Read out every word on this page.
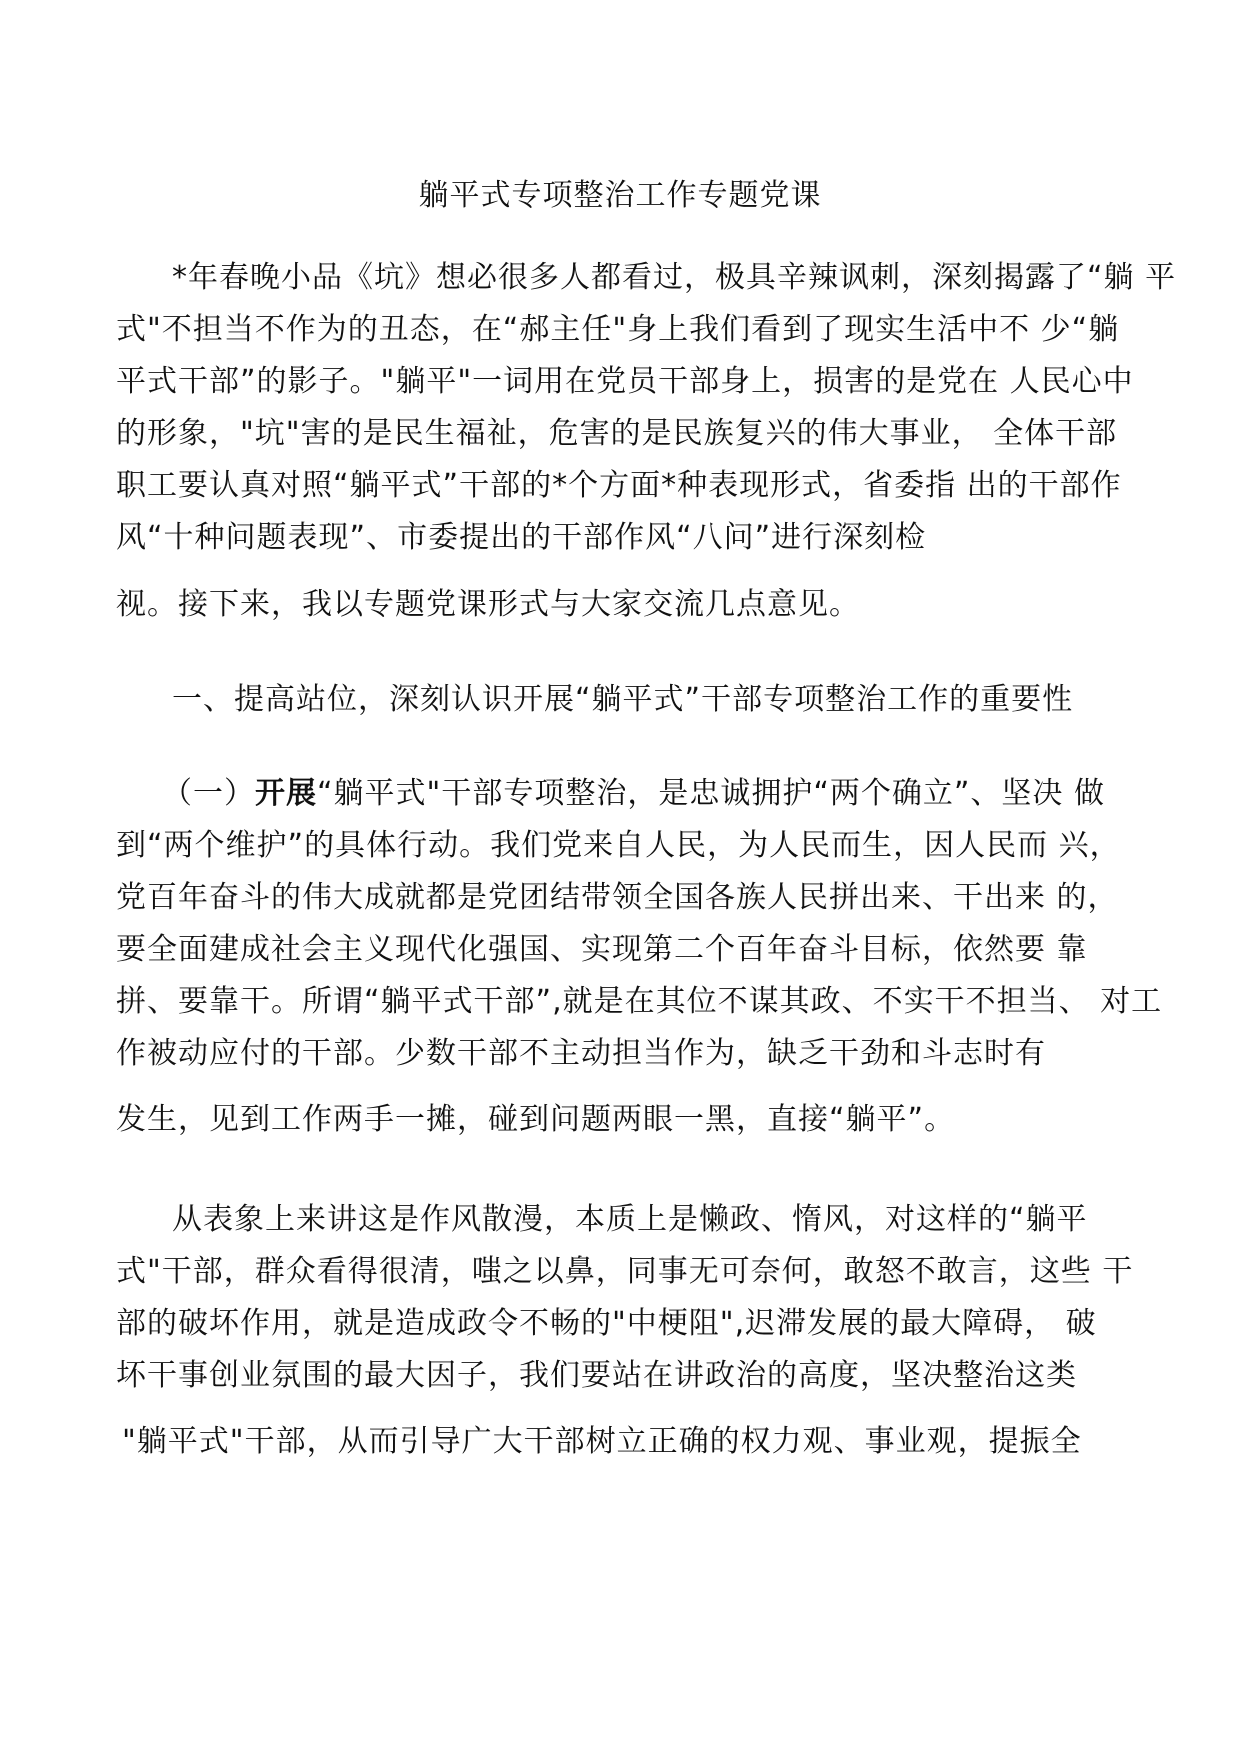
躺平式专项整治工作专题党课
*年春晚小品《坑》想必很多人都看过，极具辛辣讽刺，深刻揭露了“躺 平
式"不担当不作为的丑态，在“郝主任"身上我们看到了现实生活中不 少“躺
平式干部”的影子。"躺平"一词用在党员干部身上，损害的是党在 人民心中
的形象，"坑"害的是民生福祉，危害的是民族复兴的伟大事业， 全体干部
职工要认真对照“躺平式”干部的*个方面*种表现形式，省委指 出的干部作
风“十种问题表现”、市委提出的干部作风“八问”进行深刻检
视。接下来，我以专题党课形式与大家交流几点意见。
一、提高站位，深刻认识开展“躺平式”干部专项整治工作的重要性
（一）开展“躺平式"干部专项整治，是忠诚拥护“两个确立”、坚决 做
到“两个维护”的具体行动。我们党来自人民，为人民而生，因人民而 兴，
党百年奋斗的伟大成就都是党团结带领全国各族人民拼出来、干出来 的，
要全面建成社会主义现代化强国、实现第二个百年奋斗目标，依然要 靠
拼、要靠干。所谓“躺平式干部”,就是在其位不谋其政、不实干不担当、 对工
作被动应付的干部。少数干部不主动担当作为，缺乏干劲和斗志时有
发生，见到工作两手一摊，碰到问题两眼一黑，直接“躺平”。
从表象上来讲这是作风散漫，本质上是懒政、惰风，对这样的“躺平
式"干部，群众看得很清，嗤之以鼻，同事无可奈何，敢怒不敢言，这些 干
部的破坏作用，就是造成政令不畅的"中梗阻",迟滞发展的最大障碍， 破
坏干事创业氛围的最大因子，我们要站在讲政治的高度，坚决整治这类
"躺平式"干部，从而引导广大干部树立正确的权力观、事业观，提振全
